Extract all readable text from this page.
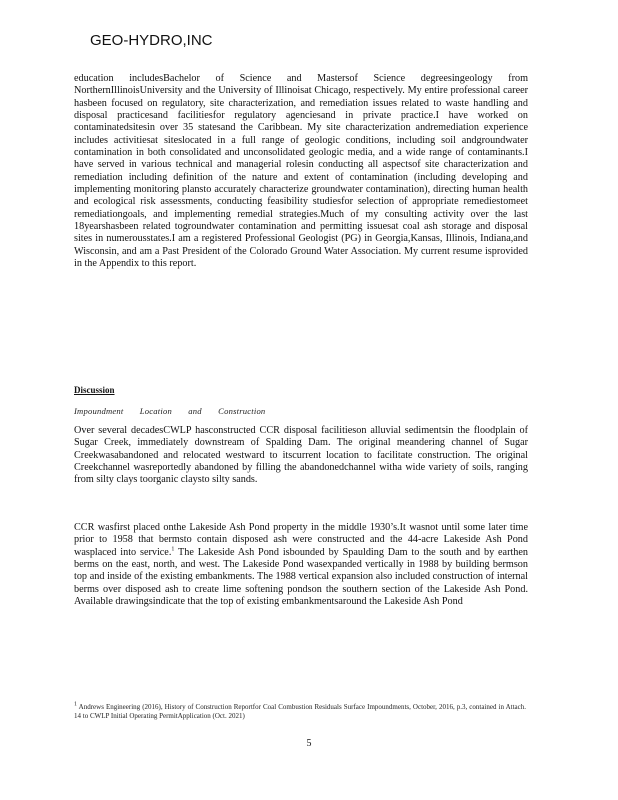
GEO-HYDRO,INC

education includesBachelor of Science and Mastersof Science degreesingeology from NorthernIllinoisUniversity and the University of Illinoisat Chicago, respectively. My entire professional career hasbeen focused on regulatory, site characterization, and remediation issues related to waste handling and disposal practicesand facilitiesfor regulatory agenciesand in private practice.I have worked on contaminatedsitesin over 35 statesand the Caribbean. My site characterization andremediation experience includes activitiesat siteslocated in a full range of geologic conditions, including soil andgroundwater contamination in both consolidated and unconsolidated geologic media, and a wide range of contaminants.I have served in various technical and managerial rolesin conducting all aspectsof site characterization and remediation including definition of the nature and extent of contamination (including developing and implementing monitoring plansto accurately characterize groundwater contamination), directing human health and ecological risk assessments, conducting feasibility studiesfor selection of appropriate remediestomeet remediationgoals, and implementing remedial strategies.Much of my consulting activity over the last 18yearshasbeen related togroundwater contamination and permitting issuesat coal ash storage and disposal sites in numerousstates.I am a registered Professional Geologist (PG) in Georgia,Kansas, Illinois, Indiana,and Wisconsin, and am a Past President of the Colorado Ground Water Association. My current resume isprovided in the Appendix to this report.

Discussion

Impoundment Location and Construction

Over several decadesCWLP hasconstructed CCR disposal facilitieson alluvial sedimentsin the floodplain of Sugar Creek, immediately downstream of Spalding Dam. The original meandering channel of Sugar Creekwasabandoned and relocated westward to itscurrent location to facilitate construction. The original Creekchannel wasreportedly abandoned by filling the abandonedchannel witha wide variety of soils, ranging from silty clays toorganic claysto silty sands.

CCR wasfirst placed onthe Lakeside Ash Pond property in the middle 1930’s.It wasnot until some later time prior to 1958 that bermsto contain disposed ash were constructed and the 44-acre Lakeside Ash Pond wasplaced into service.$^1$ The Lakeside Ash Pond isbounded by Spaulding Dam to the south and by earthen berms on the east, north, and west. The Lakeside Pond wasexpanded vertically in 1988 by building bermson top and inside of the existing embankments. The 1988 vertical expansion also included construction of internal berms over disposed ash to create lime softening pondson the southern section of the Lakeside Ash Pond. Available drawingsindicate that the top of existing embankmentsaround the Lakeside Ash Pond

$^1$ Andrews Engineering (2016), History of Construction Reportfor Coal Combustion Residuals Surface Impoundments, October, 2016, p.3, contained in Attach. 14 to CWLP Initial Operating PermitApplication (Oct. 2021)

5
